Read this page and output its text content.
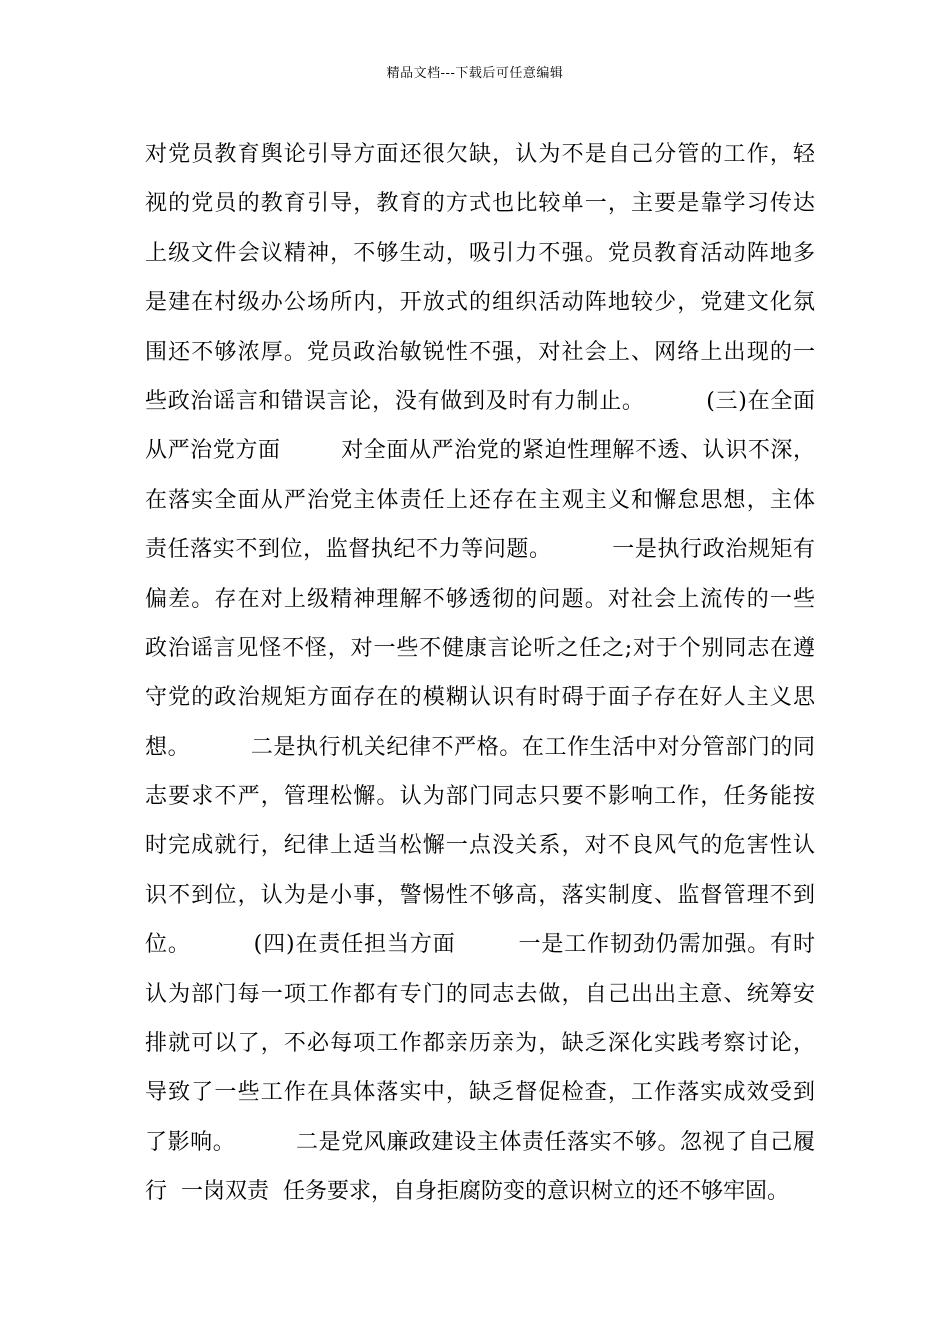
精品文档---下载后可任意编辑
对党员教育舆论引导方面还很欠缺，认为不是自己分管的工作，轻
视的党员的教育引导，教育的方式也比较单一，主要是靠学习传达
上级文件会议精神，不够生动，吸引力不强。党员教育活动阵地多
是建在村级办公场所内，开放式的组织活动阵地较少，党建文化氛
围还不够浓厚。党员政治敏锐性不强，对社会上、网络上出现的一
些政治谣言和错误言论，没有做到及时有力制止。        (三)在全面
从严治党方面        对全面从严治党的紧迫性理解不透、认识不深，
在落实全面从严治党主体责任上还存在主观主义和懈怠思想，主体
责任落实不到位，监督执纪不力等问题。        一是执行政治规矩有
偏差。存在对上级精神理解不够透彻的问题。对社会上流传的一些
政治谣言见怪不怪，对一些不健康言论听之任之;对于个别同志在遵
守党的政治规矩方面存在的模糊认识有时碍于面子存在好人主义思
想。        二是执行机关纪律不严格。在工作生活中对分管部门的同
志要求不严，管理松懈。认为部门同志只要不影响工作，任务能按
时完成就行，纪律上适当松懈一点没关系，对不良风气的危害性认
识不到位，认为是小事，警惕性不够高，落实制度、监督管理不到
位。        (四)在责任担当方面        一是工作韧劲仍需加强。有时
认为部门每一项工作都有专门的同志去做，自己出出主意、统筹安
排就可以了，不必每项工作都亲历亲为，缺乏深化实践考察讨论，
导致了一些工作在具体落实中，缺乏督促检查，工作落实成效受到
了影响。        二是党风廉政建设主体责任落实不够。忽视了自己履
行  一岗双责  任务要求，自身拒腐防变的意识树立的还不够牢固。
